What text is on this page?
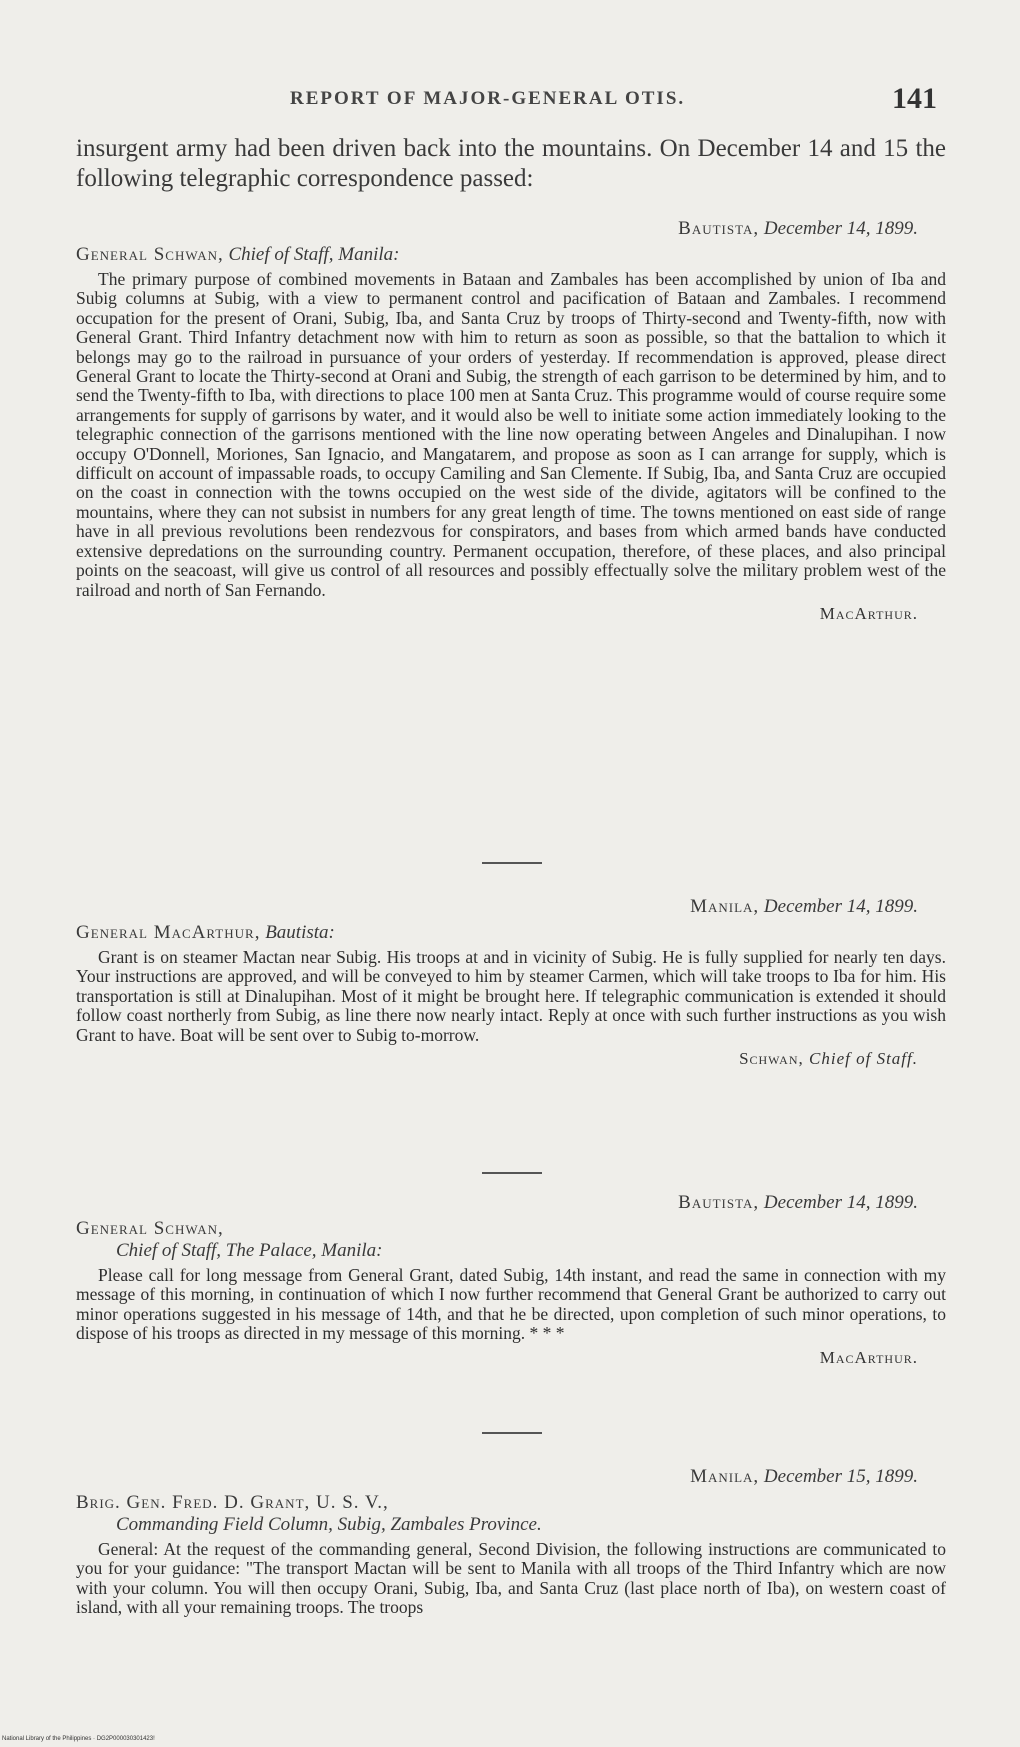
REPORT OF MAJOR-GENERAL OTIS.	141
insurgent army had been driven back into the mountains. On December 14 and 15 the following telegraphic correspondence passed:
Bautista, December 14, 1899.
General Schwan, Chief of Staff, Manila:
The primary purpose of combined movements in Bataan and Zambales has been accomplished by union of Iba and Subig columns at Subig, with a view to permanent control and pacification of Bataan and Zambales. I recommend occupation for the present of Orani, Subig, Iba, and Santa Cruz by troops of Thirty-second and Twenty-fifth, now with General Grant. Third Infantry detachment now with him to return as soon as possible, so that the battalion to which it belongs may go to the railroad in pursuance of your orders of yesterday. If recommendation is approved, please direct General Grant to locate the Thirty-second at Orani and Subig, the strength of each garrison to be determined by him, and to send the Twenty-fifth to Iba, with directions to place 100 men at Santa Cruz. This programme would of course require some arrangements for supply of garrisons by water, and it would also be well to initiate some action immediately looking to the telegraphic connection of the garrisons mentioned with the line now operating between Angeles and Dinalupihan. I now occupy O'Donnell, Moriones, San Ignacio, and Mangatarem, and propose as soon as I can arrange for supply, which is difficult on account of impassable roads, to occupy Camiling and San Clemente. If Subig, Iba, and Santa Cruz are occupied on the coast in connection with the towns occupied on the west side of the divide, agitators will be confined to the mountains, where they can not subsist in numbers for any great length of time. The towns mentioned on east side of range have in all previous revolutions been rendezvous for conspirators, and bases from which armed bands have conducted extensive depredations on the surrounding country. Permanent occupation, therefore, of these places, and also principal points on the seacoast, will give us control of all resources and possibly effectually solve the military problem west of the railroad and north of San Fernando.
MacArthur.
Manila, December 14, 1899.
General MacArthur, Bautista:
Grant is on steamer Mactan near Subig. His troops at and in vicinity of Subig. He is fully supplied for nearly ten days. Your instructions are approved, and will be conveyed to him by steamer Carmen, which will take troops to Iba for him. His transportation is still at Dinalupihan. Most of it might be brought here. If telegraphic communication is extended it should follow coast northerly from Subig, as line there now nearly intact. Reply at once with such further instructions as you wish Grant to have. Boat will be sent over to Subig to-morrow.
Schwan, Chief of Staff.
Bautista, December 14, 1899.
General Schwan,
Chief of Staff, The Palace, Manila:
Please call for long message from General Grant, dated Subig, 14th instant, and read the same in connection with my message of this morning, in continuation of which I now further recommend that General Grant be authorized to carry out minor operations suggested in his message of 14th, and that he be directed, upon completion of such minor operations, to dispose of his troops as directed in my message of this morning. * * *
MacArthur.
Manila, December 15, 1899.
Brig. Gen. Fred. D. Grant, U. S. V.,
Commanding Field Column, Subig, Zambales Province.
General: At the request of the commanding general, Second Division, the following instructions are communicated to you for your guidance: "The transport Mactan will be sent to Manila with all troops of the Third Infantry which are now with your column. You will then occupy Orani, Subig, Iba, and Santa Cruz (last place north of Iba), on western coast of island, with all your remaining troops. The troops
National Library of the Philippines · DG2P000030301423!
